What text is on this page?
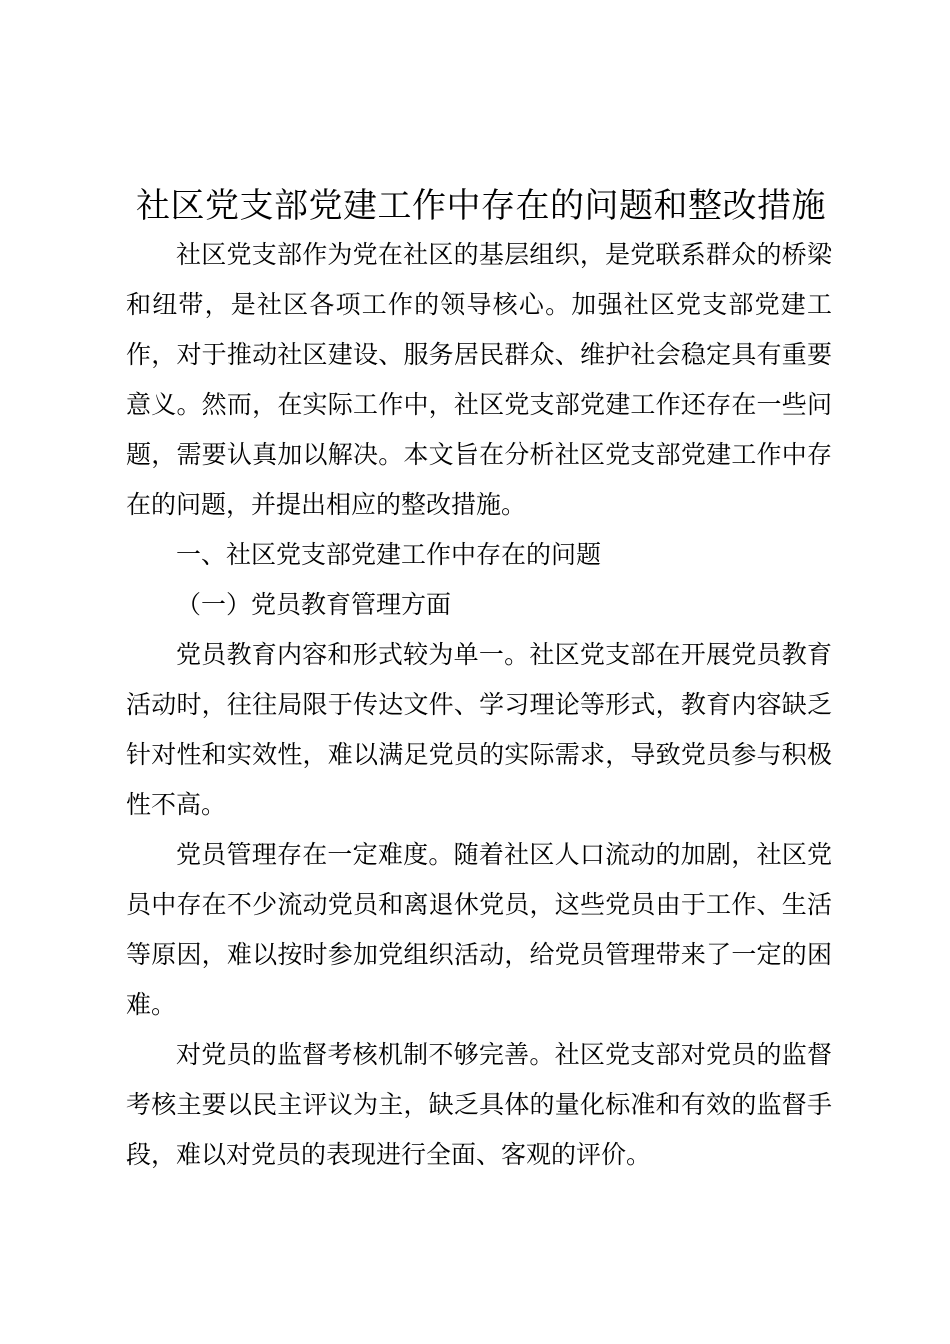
社区党支部党建工作中存在的问题和整改措施

社区党支部作为党在社区的基层组织，是党联系群众的桥梁和纽带，是社区各项工作的领导核心。加强社区党支部党建工作，对于推动社区建设、服务居民群众、维护社会稳定具有重要意义。然而，在实际工作中，社区党支部党建工作还存在一些问题，需要认真加以解决。本文旨在分析社区党支部党建工作中存在的问题，并提出相应的整改措施。

一、社区党支部党建工作中存在的问题

（一）党员教育管理方面

党员教育内容和形式较为单一。社区党支部在开展党员教育活动时，往往局限于传达文件、学习理论等形式，教育内容缺乏针对性和实效性，难以满足党员的实际需求，导致党员参与积极性不高。

党员管理存在一定难度。随着社区人口流动的加剧，社区党员中存在不少流动党员和离退休党员，这些党员由于工作、生活等原因，难以按时参加党组织活动，给党员管理带来了一定的困难。

对党员的监督考核机制不够完善。社区党支部对党员的监督考核主要以民主评议为主，缺乏具体的量化标准和有效的监督手段，难以对党员的表现进行全面、客观的评价。
